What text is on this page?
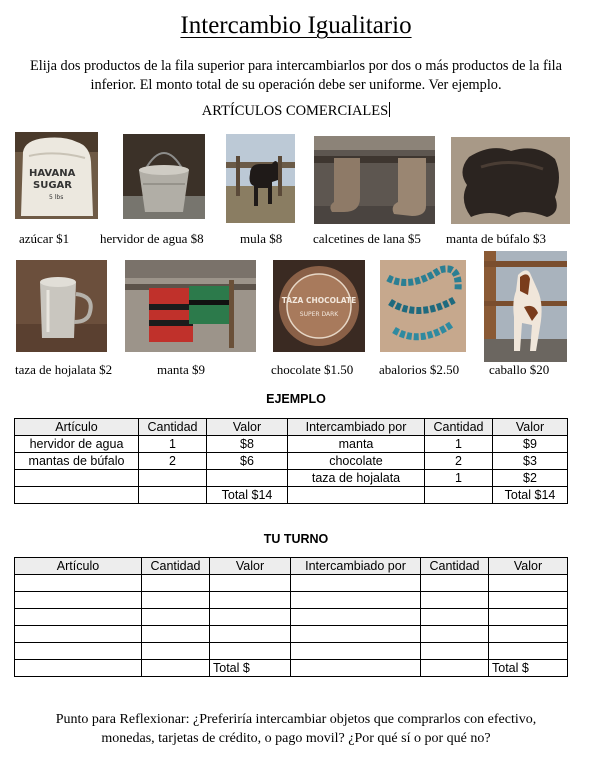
Intercambio Igualitario
Elija dos productos de la fila superior para intercambiarlos por dos o más productos de la fila inferior. El monto total de su operación debe ser uniforme. Ver ejemplo.
ARTÍCULOS COMERCIALES
HAVANA
SUGAR
5 lbs
azúcar $1 hervidor de agua $8	mula $8 calcetines de lana $5 manta de búfalo $3
TAZA CHOCOLATE
SUPER DARK
taza de hojalata $2	manta $9	chocolate $1.50 abalorios $2.50 caballo $20
EJEMPLO
Artículo	Cantidad	Valor	Intercambiado por	Cantidad	Valor
hervidor de agua	1	$8	manta	1	$9
mantas de búfalo	2	$6	chocolate	2	$3
			taza de hojalata	1	$2
		Total $14			Total $14
TU TURNO
Artículo	Cantidad	Valor	Intercambiado por	Cantidad	Valor

		Total $			Total $
Punto para Reflexionar: ¿Preferiría intercambiar objetos que comprarlos con efectivo, monedas, tarjetas de crédito, o pago movil? ¿Por qué sí o por qué no?
